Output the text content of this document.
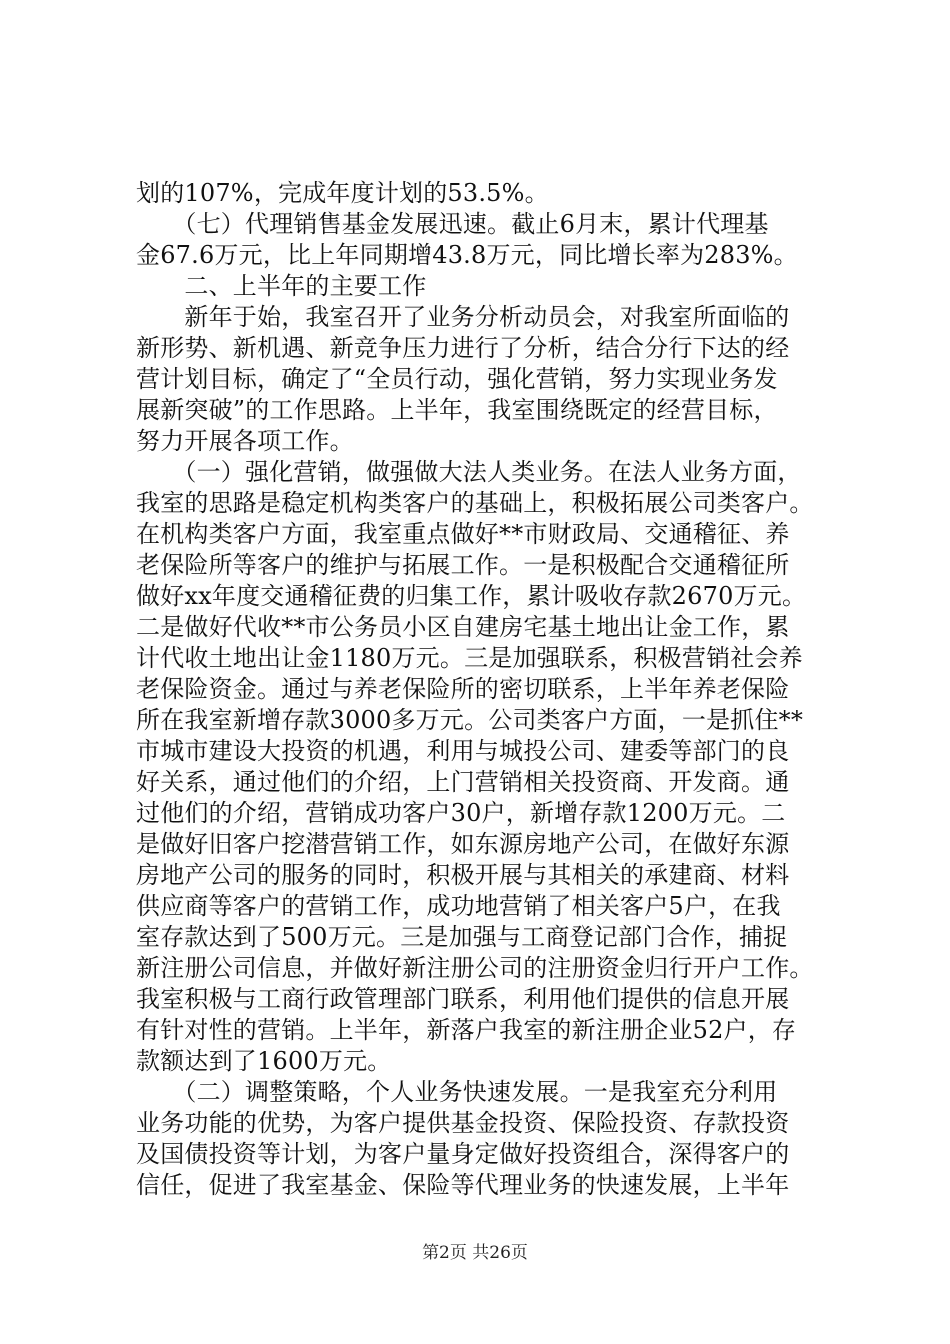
划的107%，完成年度计划的53.5%。
　　（七）代理销售基金发展迅速。截止6月末，累计代理基
金67.6万元，比上年同期增43.8万元，同比增长率为283%。
　　二、上半年的主要工作
　　新年于始，我室召开了业务分析动员会，对我室所面临的
新形势、新机遇、新竞争压力进行了分析，结合分行下达的经
营计划目标，确定了“全员行动，强化营销，努力实现业务发
展新突破”的工作思路。上半年，我室围绕既定的经营目标，
努力开展各项工作。
　　（一）强化营销，做强做大法人类业务。在法人业务方面，
我室的思路是稳定机构类客户的基础上，积极拓展公司类客户。
在机构类客户方面，我室重点做好**市财政局、交通稽征、养
老保险所等客户的维护与拓展工作。一是积极配合交通稽征所
做好xx年度交通稽征费的归集工作，累计吸收存款2670万元。
二是做好代收**市公务员小区自建房宅基土地出让金工作，累
计代收土地出让金1180万元。三是加强联系，积极营销社会养
老保险资金。通过与养老保险所的密切联系，上半年养老保险
所在我室新增存款3000多万元。公司类客户方面，一是抓住**
市城市建设大投资的机遇，利用与城投公司、建委等部门的良
好关系，通过他们的介绍，上门营销相关投资商、开发商。通
过他们的介绍，营销成功客户30户，新增存款1200万元。二
是做好旧客户挖潜营销工作，如东源房地产公司，在做好东源
房地产公司的服务的同时，积极开展与其相关的承建商、材料
供应商等客户的营销工作，成功地营销了相关客户5户，在我
室存款达到了500万元。三是加强与工商登记部门合作，捕捉
新注册公司信息，并做好新注册公司的注册资金归行开户工作。
我室积极与工商行政管理部门联系，利用他们提供的信息开展
有针对性的营销。上半年，新落户我室的新注册企业52户，存
款额达到了1600万元。
　　（二）调整策略，个人业务快速发展。一是我室充分利用
业务功能的优势，为客户提供基金投资、保险投资、存款投资
及国债投资等计划，为客户量身定做好投资组合，深得客户的
信任，促进了我室基金、保险等代理业务的快速发展，上半年
第2页 共26页
